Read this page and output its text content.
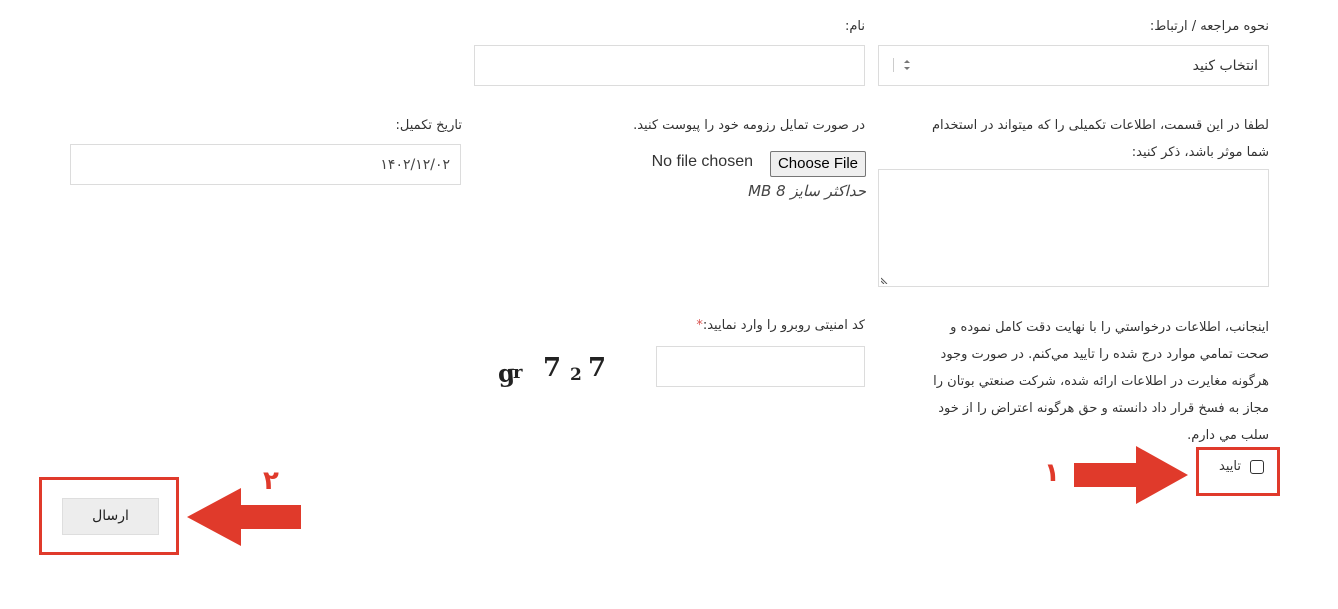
نحوه مراجعه / ارتباط:
انتخاب کنید
نام:
لطفا در این قسمت، اطلاعات تکمیلی را که میتواند در استخدام
شما موثر باشد، ذکر کنید:
در صورت تمایل رزومه خود را پیوست کنید.
Choose File
No file chosen
MB 8 حداکثر سایز
تاریخ تکمیل:
۱۴۰۲/۱۲/۰۲
اینجانب، اطلاعات درخواستي را با نهايت دقت کامل نموده و
صحت تمامي موارد درج شده را تاييد مي‌کنم. در صورت وجود
هرگونه مغايرت در اطلاعات ارائه شده، شرکت صنعتي بوتان را
مجاز به فسخ قرار داد دانسته و حق هرگونه اعتراض را از خود
سلب مي دارم.
تایید
کد امنیتی روبرو را وارد نمایید:*
g
r 7 2 7
ارسال
۱
۲
